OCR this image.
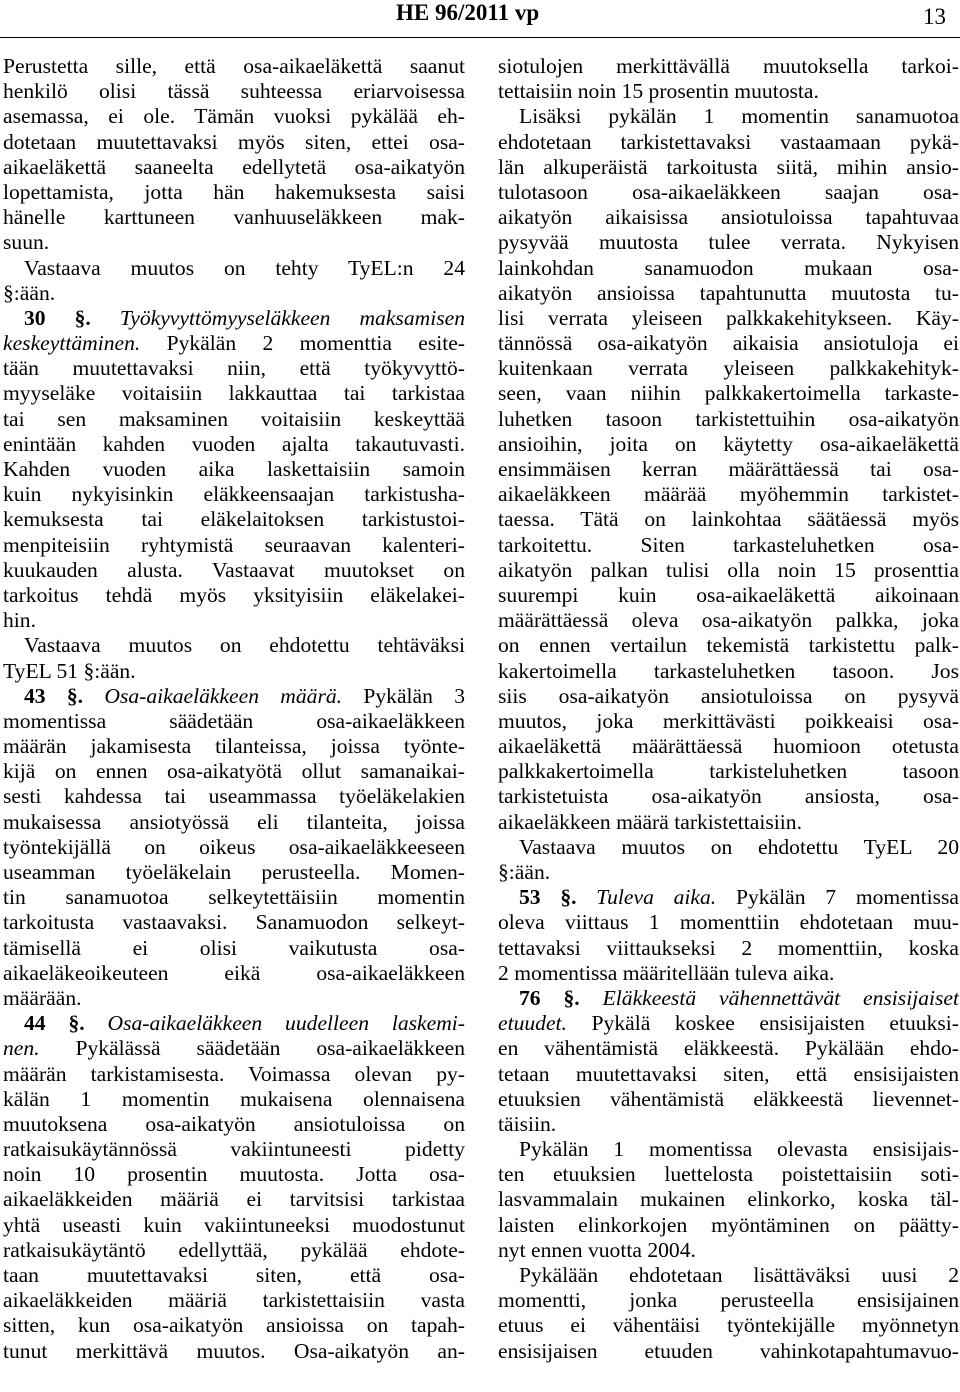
HE 96/2011 vp	13
Perustetta sille, että osa-aikaeläkettä saanut
henkilö olisi tässä suhteessa eriarvoisessa
asemassa, ei ole. Tämän vuoksi pykälää eh-
dotetaan muutettavaksi myös siten, ettei osa-
aikaeläkettä saaneelta edellytetä osa-aikatyön
lopettamista, jotta hän hakemuksesta saisi
hänelle karttuneen vanhuuseläkkeen mak-
suun.
Vastaava muutos on tehty TyEL:n 24
§:ään.
30 §. Työkyvyttömyyseläkkeen maksamisen
keskeyttäminen. Pykälän 2 momenttia esite-
tään muutettavaksi niin, että työkyvyttö-
myyseläke voitaisiin lakkauttaa tai tarkistaa
tai sen maksaminen voitaisiin keskeyttää
enintään kahden vuoden ajalta takautuvasti.
Kahden vuoden aika laskettaisiin samoin
kuin nykyisinkin eläkkeensaajan tarkistusha-
kemuksesta tai eläkelaitoksen tarkistustoi-
menpiteisiin ryhtymistä seuraavan kalenteri-
kuukauden alusta. Vastaavat muutokset on
tarkoitus tehdä myös yksityisiin eläkelakei-
hin.
Vastaava muutos on ehdotettu tehtäväksi
TyEL 51 §:ään.
43 §. Osa-aikaeläkkeen määrä. Pykälän 3
momentissa säädetään osa-aikaeläkkeen
määrän jakamisesta tilanteissa, joissa työnte-
kijä on ennen osa-aikatyötä ollut samanaikai-
sesti kahdessa tai useammassa työeläkelakien
mukaisessa ansiotyössä eli tilanteita, joissa
työntekijällä on oikeus osa-aikaeläkkeeseen
useamman työeläkelain perusteella. Momen-
tin sanamuotoa selkeytettäisiin momentin
tarkoitusta vastaavaksi. Sanamuodon selkeyt-
tämisellä ei olisi vaikutusta osa-
aikaeläkeoikeuteen eikä osa-aikaeläkkeen
määrään.
44 §. Osa-aikaeläkkeen uudelleen laskemi-
nen. Pykälässä säädetään osa-aikaeläkkeen
määrän tarkistamisesta. Voimassa olevan py-
kälän 1 momentin mukaisena olennaisena
muutoksena osa-aikatyön ansiotuloissa on
ratkaisukäytännössä vakiintuneesti pidetty
noin 10 prosentin muutosta. Jotta osa-
aikaeläkkeiden määriä ei tarvitsisi tarkistaa
yhtä useasti kuin vakiintuneeksi muodostunut
ratkaisukäytäntö edellyttää, pykälää ehdote-
taan muutettavaksi siten, että osa-
aikaeläkkeiden määriä tarkistettaisiin vasta
sitten, kun osa-aikatyön ansioissa on tapah-
tunut merkittävä muutos. Osa-aikatyön an-
siotulojen merkittävällä muutoksella tarkoi-
tettaisiin noin 15 prosentin muutosta.
Lisäksi pykälän 1 momentin sanamuotoa
ehdotetaan tarkistettavaksi vastaamaan pykä-
län alkuperäistä tarkoitusta siitä, mihin ansio-
tulotasoon osa-aikaeläkkeen saajan osa-
aikatyön aikaisissa ansiotuloissa tapahtuvaa
pysyvää muutosta tulee verrata. Nykyisen
lainkohdan sanamuodon mukaan osa-
aikatyön ansioissa tapahtunutta muutosta tu-
lisi verrata yleiseen palkkakehitykseen. Käy-
tännössä osa-aikatyön aikaisia ansiotuloja ei
kuitenkaan verrata yleiseen palkkakehityk-
seen, vaan niihin palkkakertoimella tarkaste-
luhetken tasoon tarkistettuihin osa-aikatyön
ansioihin, joita on käytetty osa-aikaeläkettä
ensimmäisen kerran määrättäessä tai osa-
aikaeläkkeen määrää myöhemmin tarkistet-
taessa. Tätä on lainkohtaa säätäessä myös
tarkoitettu. Siten tarkasteluhetken osa-
aikatyön palkan tulisi olla noin 15 prosenttia
suurempi kuin osa-aikaeläkettä aikoinaan
määrättäessä oleva osa-aikatyön palkka, joka
on ennen vertailun tekemistä tarkistettu palk-
kakertoimella tarkasteluhetken tasoon. Jos
siis osa-aikatyön ansiotuloissa on pysyvä
muutos, joka merkittävästi poikkeaisi osa-
aikaeläkettä määrättäessä huomioon otetusta
palkkakertoimella tarkisteluhetken tasoon
tarkistetuista osa-aikatyön ansiosta, osa-
aikaeläkkeen määrä tarkistettaisiin.
Vastaava muutos on ehdotettu TyEL 20
§:ään.
53 §. Tuleva aika. Pykälän 7 momentissa
oleva viittaus 1 momenttiin ehdotetaan muu-
tettavaksi viittaukseksi 2 momenttiin, koska
2 momentissa määritellään tuleva aika.
76 §. Eläkkeestä vähennettävät ensisijaiset
etuudet. Pykälä koskee ensisijaisten etuuksi-
en vähentämistä eläkkeestä. Pykälään ehdo-
tetaan muutettavaksi siten, että ensisijaisten
etuuksien vähentämistä eläkkeestä lievennet-
täisiin.
Pykälän 1 momentissa olevasta ensisijais-
ten etuuksien luettelosta poistettaisiin soti-
lasvammalain mukainen elinkorko, koska täl-
laisten elinkorkojen myöntäminen on päätty-
nyt ennen vuotta 2004.
Pykälään ehdotetaan lisättäväksi uusi 2
momentti, jonka perusteella ensisijainen
etuus ei vähentäisi työntekijälle myönnetyn
ensisijaisen etuuden vahinkotapahtumavuo-
